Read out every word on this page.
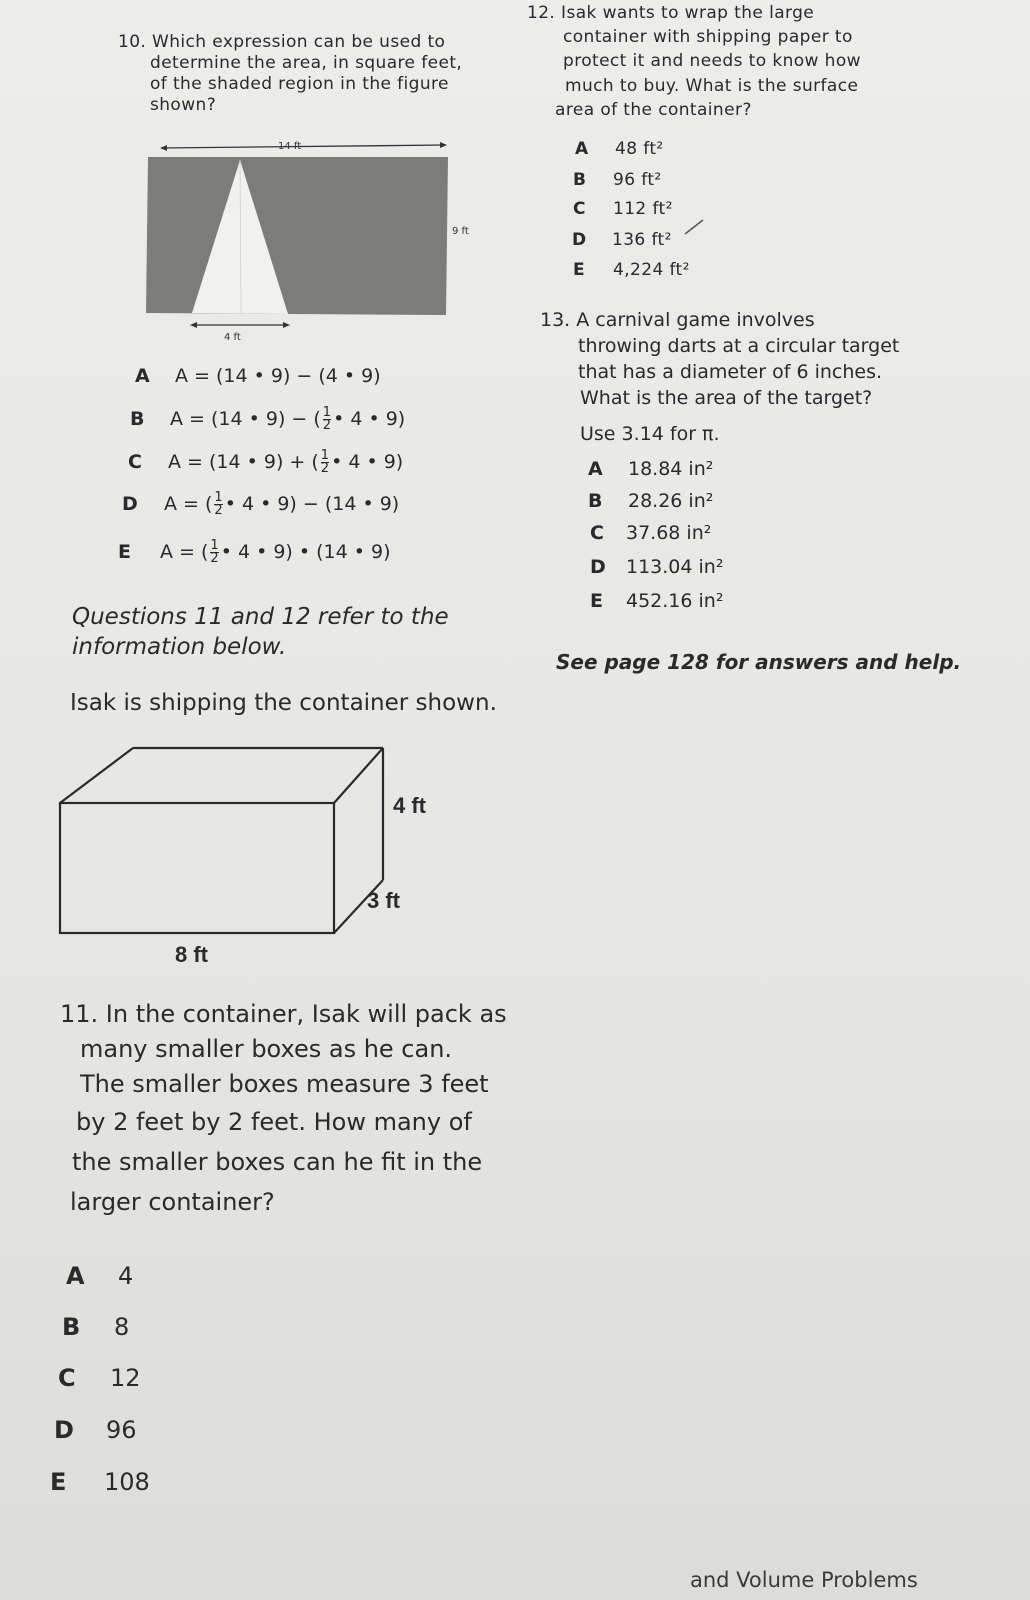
10. Which expression can be used to
determine the area, in square feet,
of the shaded region in the figure
shown?
14 ft
9 ft
4 ft
A A = (14 • 9) − (4 • 9)
B A = (14 • 9) − ( $\frac{1}{2}$ • 4 • 9)
C A = (14 • 9) + ( $\frac{1}{2}$ • 4 • 9)
D A = ( $\frac{1}{2}$ • 4 • 9) − (14 • 9)
E A = ( $\frac{1}{2}$ • 4 • 9) • (14 • 9)
Questions 11 and 12 refer to the
information below.
Isak is shipping the container shown.
4 ft
3 ft
8 ft
11. In the container, Isak will pack as
many smaller boxes as he can.
The smaller boxes measure 3 feet
by 2 feet by 2 feet. How many of
the smaller boxes can he fit in the
larger container?
A 4
B 8
C 12
D 96
E 108
12. Isak wants to wrap the large
container with shipping paper to
protect it and needs to know how
much to buy. What is the surface
area of the container?
A 48 ft²
B 96 ft²
C 112 ft²
D 136 ft²
E 4,224 ft²
13. A carnival game involves
throwing darts at a circular target
that has a diameter of 6 inches.
What is the area of the target?
Use 3.14 for π.
A 18.84 in²
B 28.26 in²
C 37.68 in²
D 113.04 in²
E 452.16 in²
See page 128 for answers and help.
and Volume Problems
